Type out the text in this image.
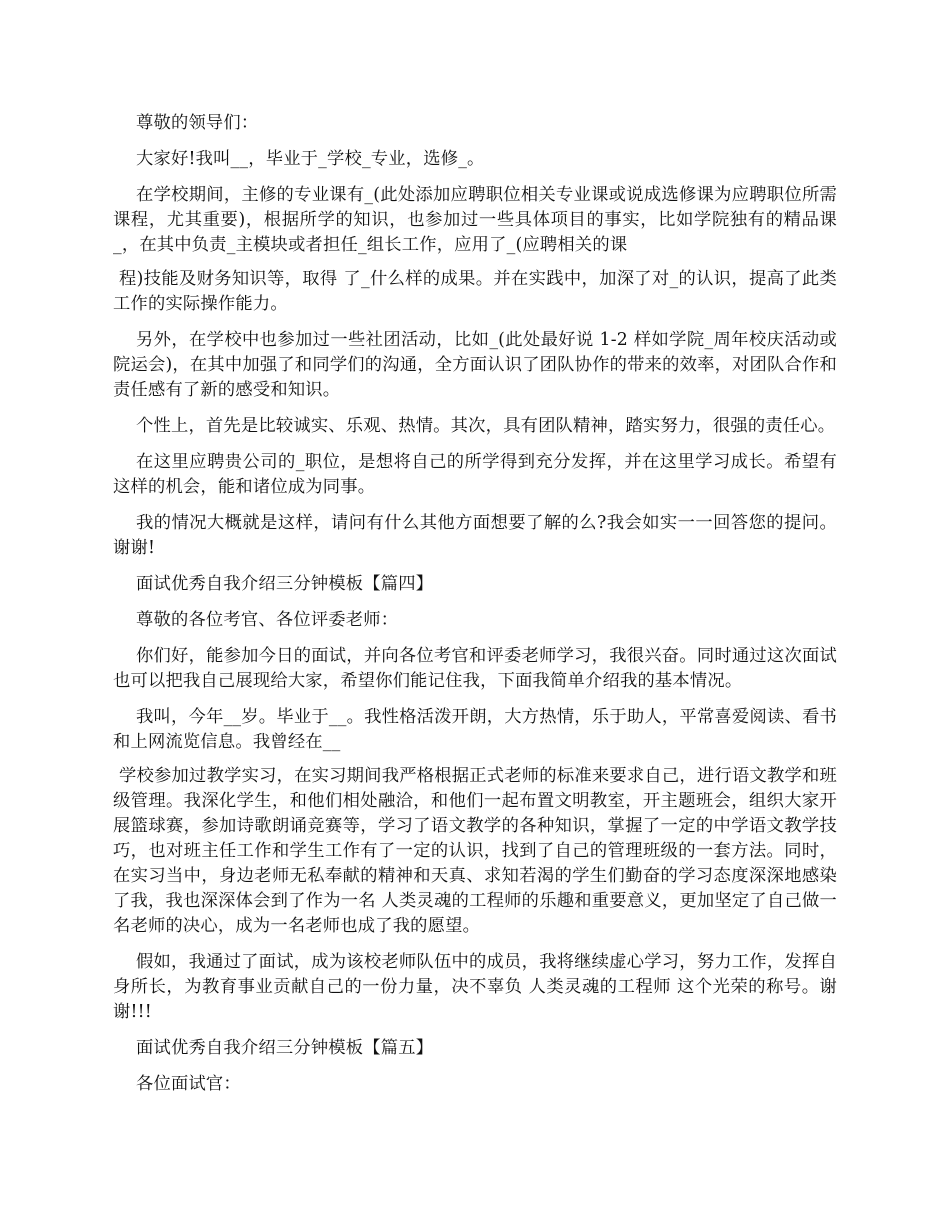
尊敬的领导们：

大家好!我叫__，毕业于_学校_专业，选修_。

在学校期间，主修的专业课有_(此处添加应聘职位相关专业课或说成选修课为应聘职位所需课程，尤其重要)，根据所学的知识，也参加过一些具体项目的事实，比如学院独有的精品课_，在其中负责_主模块或者担任_组长工作，应用了_(应聘相关的课

程)技能及财务知识等，取得 了_什么样的成果。并在实践中，加深了对_的认识，提高了此类工作的实际操作能力。

另外，在学校中也参加过一些社团活动，比如_(此处最好说 1-2 样如学院_周年校庆活动或院运会)，在其中加强了和同学们的沟通，全方面认识了团队协作的带来的效率，对团队合作和责任感有了新的感受和知识。

个性上，首先是比较诚实、乐观、热情。其次，具有团队精神，踏实努力，很强的责任心。

在这里应聘贵公司的_职位，是想将自己的所学得到充分发挥，并在这里学习成长。希望有这样的机会，能和诸位成为同事。

我的情况大概就是这样，请问有什么其他方面想要了解的么?我会如实一一回答您的提问。谢谢!

面试优秀自我介绍三分钟模板【篇四】

尊敬的各位考官、各位评委老师：

你们好，能参加今日的面试，并向各位考官和评委老师学习，我很兴奋。同时通过这次面试也可以把我自己展现给大家，希望你们能记住我，下面我简单介绍我的基本情况。

我叫，今年__岁。毕业于__。我性格活泼开朗，大方热情，乐于助人，平常喜爱阅读、看书和上网流览信息。我曾经在__

学校参加过教学实习，在实习期间我严格根据正式老师的标准来要求自己，进行语文教学和班级管理。我深化学生，和他们相处融洽，和他们一起布置文明教室，开主题班会，组织大家开展篮球赛，参加诗歌朗诵竞赛等，学习了语文教学的各种知识，掌握了一定的中学语文教学技巧，也对班主任工作和学生工作有了一定的认识，找到了自己的管理班级的一套方法。同时，在实习当中，身边老师无私奉献的精神和天真、求知若渴的学生们勤奋的学习态度深深地感染了我，我也深深体会到了作为一名 人类灵魂的工程师的乐趣和重要意义，更加坚定了自己做一名老师的决心，成为一名老师也成了我的愿望。

假如，我通过了面试，成为该校老师队伍中的成员，我将继续虚心学习，努力工作，发挥自身所长，为教育事业贡献自己的一份力量，决不辜负 人类灵魂的工程师 这个光荣的称号。谢谢!!!

面试优秀自我介绍三分钟模板【篇五】

各位面试官：
